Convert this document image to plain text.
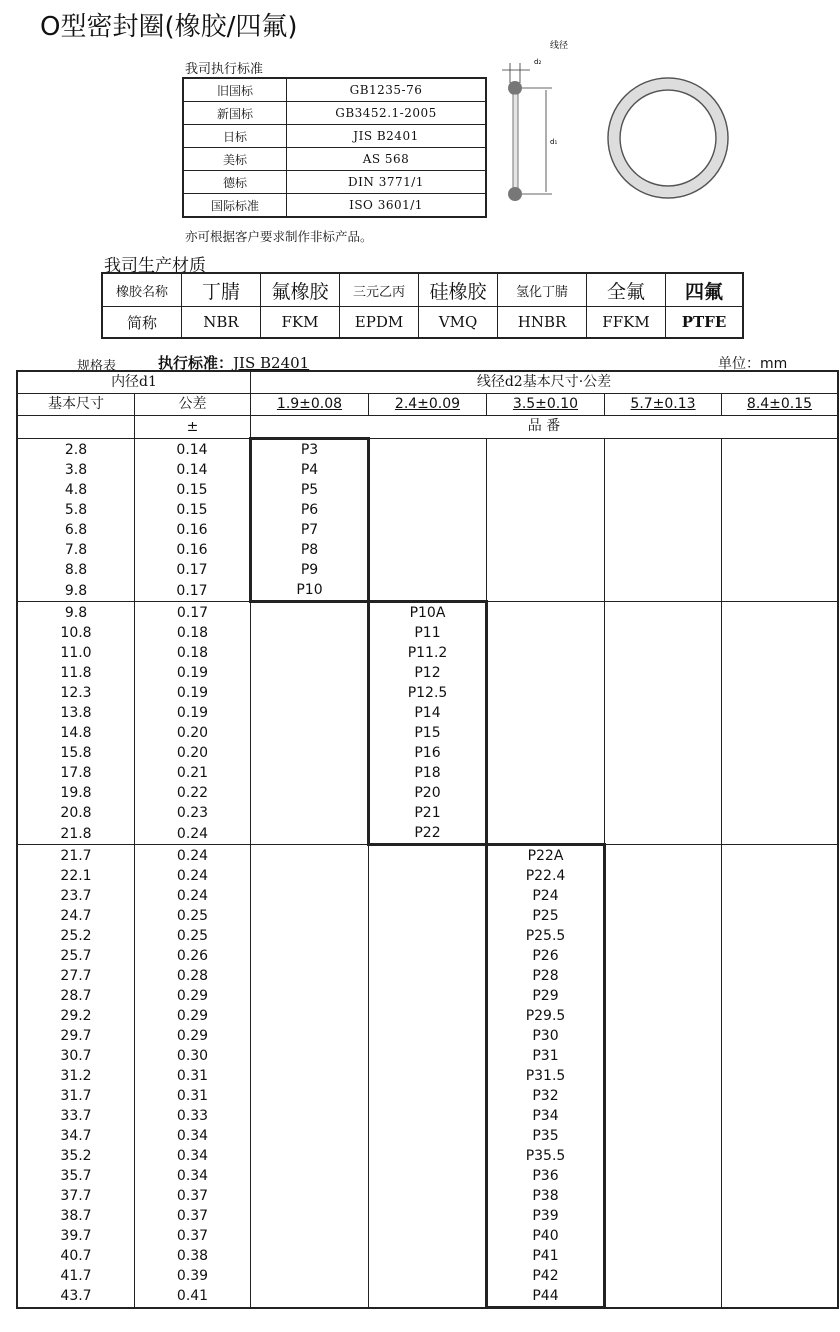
O型密封圈(橡胶/四氟)
我司执行标准
旧国标	GB1235-76
新国标	GB3452.1-2005
日标	JIS B2401
美标	AS 568
德标	DIN 3771/1
国际标准	ISO 3601/1
亦可根据客户要求制作非标产品。
线径
d₂
d₁
我司生产材质
橡胶名称	丁腈	氟橡胶	三元乙丙	硅橡胶	氢化丁腈	全氟	四氟
简称	NBR	FKM	EPDM	VMQ	HNBR	FFKM	PTFE
规格表	执行标准：JIS B2401	单位：mm
内径d1		线径d2基本尺寸·公差				
基本尺寸	公差	1.9±0.08	2.4±0.09	3.5±0.10	5.7±0.13	8.4±0.15
	±	品 番				
2.8	0.14	P3				
3.8	0.14	P4				
4.8	0.15	P5				
5.8	0.15	P6				
6.8	0.16	P7				
7.8	0.16	P8				
8.8	0.17	P9				
9.8	0.17	P10				
9.8	0.17		P10A			
10.8	0.18		P11			
11.0	0.18		P11.2			
11.8	0.19		P12			
12.3	0.19		P12.5			
13.8	0.19		P14			
14.8	0.20		P15			
15.8	0.20		P16			
17.8	0.21		P18			
19.8	0.22		P20			
20.8	0.23		P21			
21.8	0.24		P22			
21.7	0.24			P22A		
22.1	0.24			P22.4		
23.7	0.24			P24		
24.7	0.25			P25		
25.2	0.25			P25.5		
25.7	0.26			P26		
27.7	0.28			P28		
28.7	0.29			P29		
29.2	0.29			P29.5		
29.7	0.29			P30		
30.7	0.30			P31		
31.2	0.31			P31.5		
31.7	0.31			P32		
33.7	0.33			P34		
34.7	0.34			P35		
35.2	0.34			P35.5		
35.7	0.34			P36		
37.7	0.37			P38		
38.7	0.37			P39		
39.7	0.37			P40		
40.7	0.38			P41		
41.7	0.39			P42		
43.7	0.41			P44		
